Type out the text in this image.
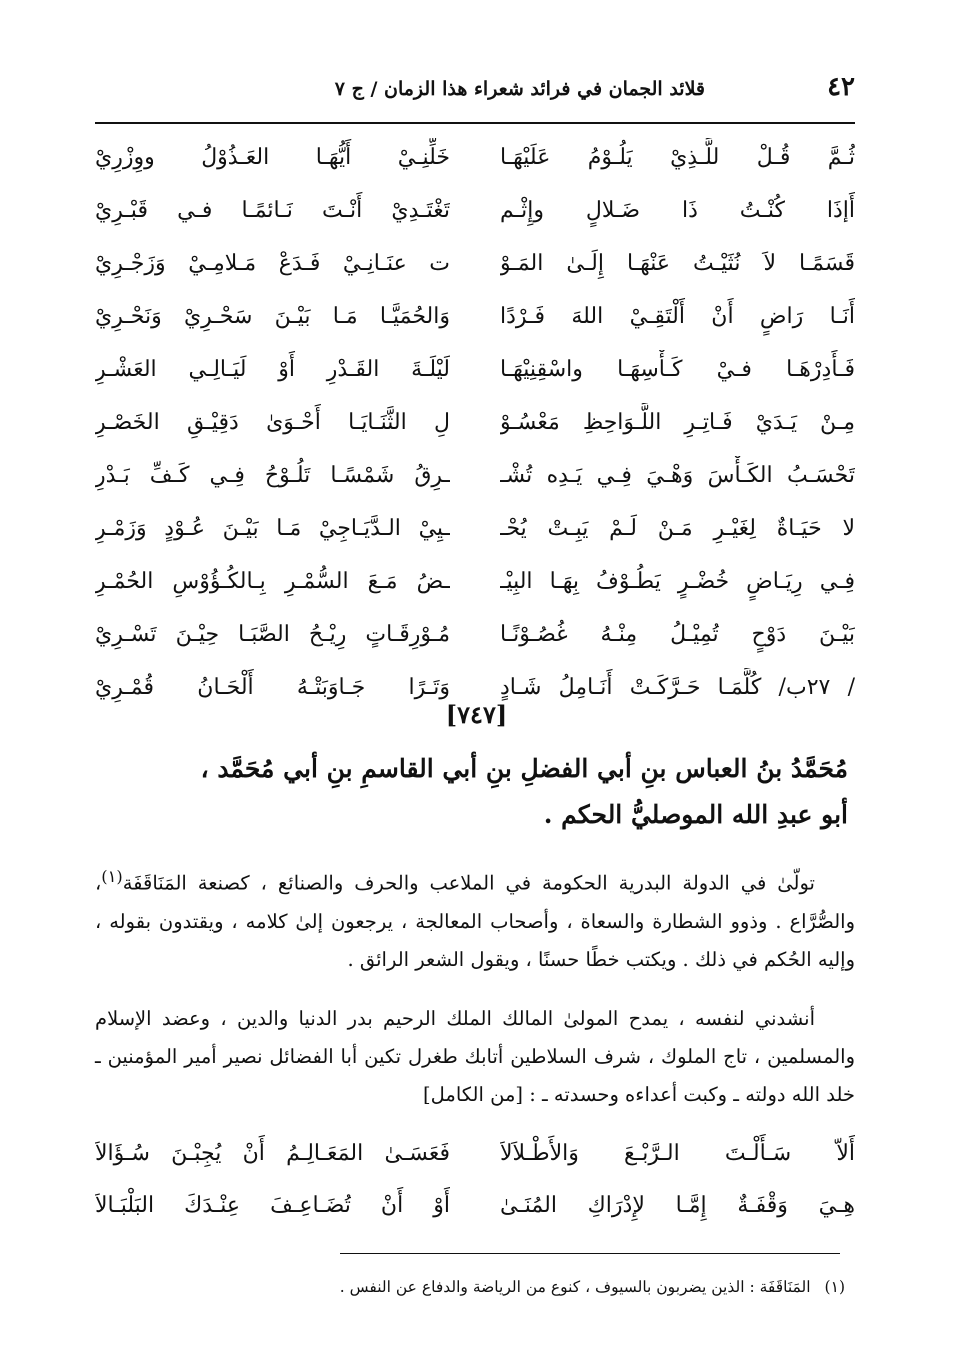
٤٢
قلائد الجمان في فرائد شعراء هذا الزمان / ج ٧
ثُـمَّ قُـلْ للَّـذِيْ يَلُـوْمُ عَلَيْهَـا
خَلِّنِـيْ أَيُّهَـا العَـذُوْلُ ووِزْرِيْ
أَإذَا كُنْـتُ ذَا ضَـلالٍ وإِثْـم
تَغْتَـدِيْ أَنْـتَ نَـائمًـا فـي قَبْـرِيْ
قَسَمًـا لاَ نُثَيْـتُ عَنْهَـا إِلَـىٰ المَـوْ
ت عنَـانِـيْ فَـدَعْ مَـلامِـيْ وَزَجْـرِيْ
أَنَـا رَاضٍ أَنْ أَلْتَقِـيْ اللهَ فَـرْدًا
وَالحُمَيَّـا مَـا بَيْـنَ سَحْـرِيْ وَنَحْـرِيْ
فَـأَدِرْهَـا فـيْ كَـأْسِهَـا واسْقِنِيْهَـا
لَيْلَـةَ القَـدْرِ أَوْ لَيَـالِـي العَشْـرِ
مِـنْ يَـدَيْ فَـاتِـرِ اللَّـوَاحِظِ مَعْسُـوْ
لِ الثَّنَـايَـا أَحْـوَىٰ دَقِيْـقِ الخَصْـرِ
تَحْسَـبُ الكَـأْسَ وَهْـيَ فِـي يَـدِه تُشْـ
ـرِقُ شَمْسًـا تَلُـوْحُ فِـي كَـفِّ بَـدْرِ
لا حَيَـاةٌ لِغَيْـرِ مَـنْ لَـمْ يَبِـتْ يُحْـ
ـيِيْ الـدَّيَـاجِيْ مَـا بَيْـنَ عُـوْدٍ وَزَمْـرِ
فِـي رِيَـاضٍ خُضْـرٍ يَطُـوْفُ بِهَـا البِيْـ
ـضُ مَـعَ السُّمْـرِ بِـالكُـؤُوْسِ الحُمْـرِ
بَيْـنَ دَوْحٍ تُمِيْـلُ مِنْـهُ غُصُـوْنًـا
مُـوْرِقَـاتٍ رِيْـحُ الصَّبَـا حِيْـنَ تَسْـرِيْ
/ ٢٧ب/ كُلَّمَـا حَـرَّكَـتْ أَنَـامِلُ شَـادٍ
وَتَـرًا جَـاوَبَتْـهُ أَلْحَـانُ قُمْـرِيْ
[٧٤٧]
مُحَمَّدُ بنُ العباس بنِ أبي الفضلِ بنِ أبي القاسمِ بنِ أبي مُحَمَّد ،
أبو عبدِ الله الموصليُّ الحكم .
تولّىٰ في الدولة البدرية الحكومة في الملاعب والحرف والصنائع ، كصنعة المَنَاقَفَة$^{(١)}$، والصُّرَّاع . وذوو الشطارة والسعاة ، وأصحاب المعالجة ، يرجعون إلىٰ كلامه ، ويقتدون بقوله ، وإليه الحُكم في ذلك . ويكتب خطًا حسنًا ، ويقول الشعر الرائق .
أنشدني لنفسه ، يمدح المولىٰ المالك الملك الرحيم بدر الدنيا والدين ، وعضد الإسلام والمسلمين ، تاج الملوك ، شرف السلاطين أتابك طغرل تكين أبا الفضائل نصير أمير المؤمنين ـ خلد الله دولته ـ وكبت أعداءه وحسدته ـ : [من الكامل]
أَلاّ سَـأَلْـتَ الـرَّبْـعَ وَالأَطْـلاَلاَ
فَعَسَـىٰ المَعَـالِـمُ أَنْ يُجِبْـنَ سُـؤَالاَ
هِـيَ وَقْفَـةٌ إِمَّـا لإِدْرَاكِ المُنَـىٰ
أَوْ أَنْ تُضَـاعِـفَ عِنْـدَكَ البَلْبَـالاَ
(١)المَنَاقَفَة : الذين يضربون بالسيوف ، كنوع من الرياضة والدفاع عن النفس .
